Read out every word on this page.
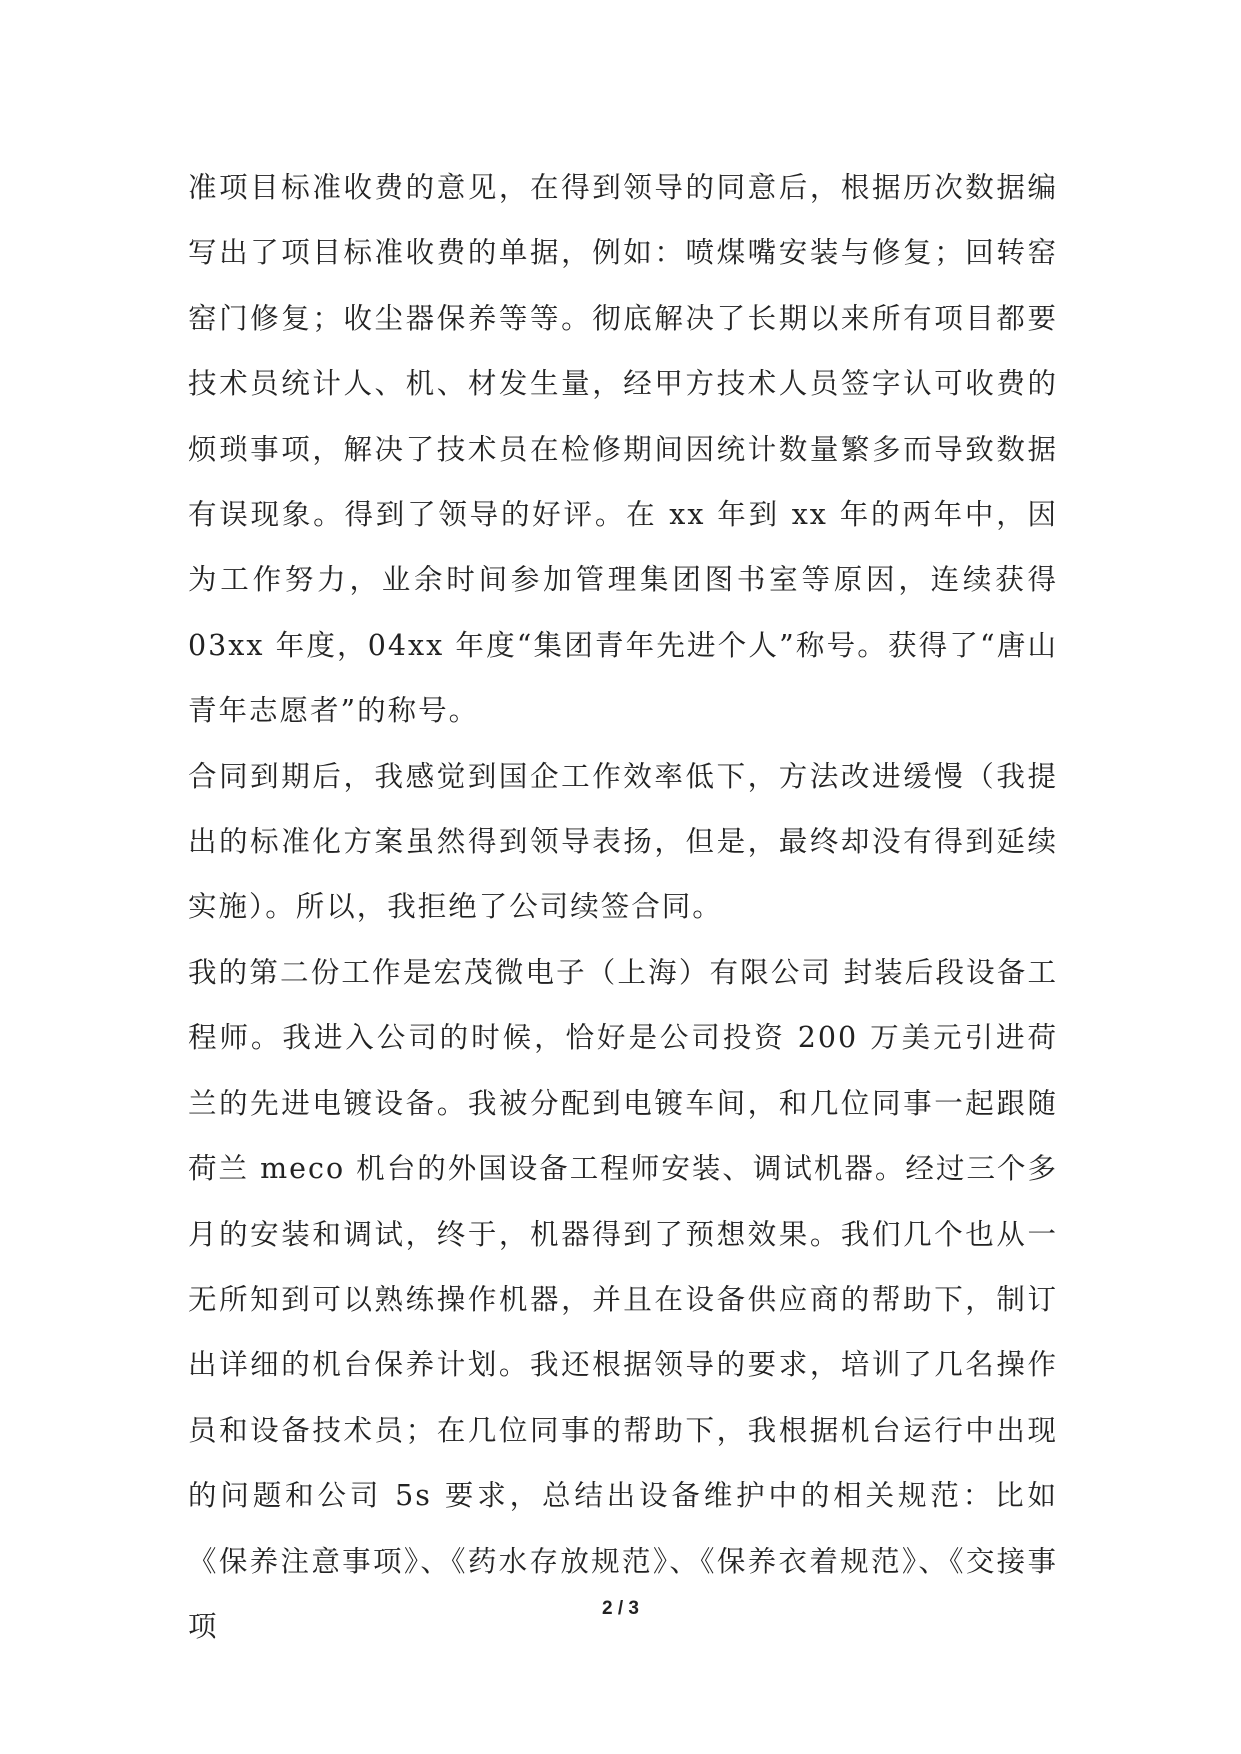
准项目标准收费的意见，在得到领导的同意后，根据历次数据编写出了项目标准收费的单据，例如：喷煤嘴安装与修复；回转窑窑门修复；收尘器保养等等。彻底解决了长期以来所有项目都要技术员统计人、机、材发生量，经甲方技术人员签字认可收费的烦琐事项，解决了技术员在检修期间因统计数量繁多而导致数据有误现象。得到了领导的好评。在 xx 年到 xx 年的两年中，因为工作努力，业余时间参加管理集团图书室等原因，连续获得 03xx 年度，04xx 年度“集团青年先进个人”称号。获得了“唐山青年志愿者”的称号。

合同到期后，我感觉到国企工作效率低下，方法改进缓慢（我提出的标准化方案虽然得到领导表扬，但是，最终却没有得到延续实施）。所以，我拒绝了公司续签合同。

我的第二份工作是宏茂微电子（上海）有限公司 封装后段设备工程师。我进入公司的时候，恰好是公司投资 200 万美元引进荷兰的先进电镀设备。我被分配到电镀车间，和几位同事一起跟随荷兰 meco 机台的外国设备工程师安装、调试机器。经过三个多月的安装和调试，终于，机器得到了预想效果。我们几个也从一无所知到可以熟练操作机器，并且在设备供应商的帮助下，制订出详细的机台保养计划。我还根据领导的要求，培训了几名操作员和设备技术员；在几位同事的帮助下，我根据机台运行中出现的问题和公司 5s 要求，总结出设备维护中的相关规范：比如《保养注意事项》、《药水存放规范》、《保养衣着规范》、《交接事项

2 / 3
